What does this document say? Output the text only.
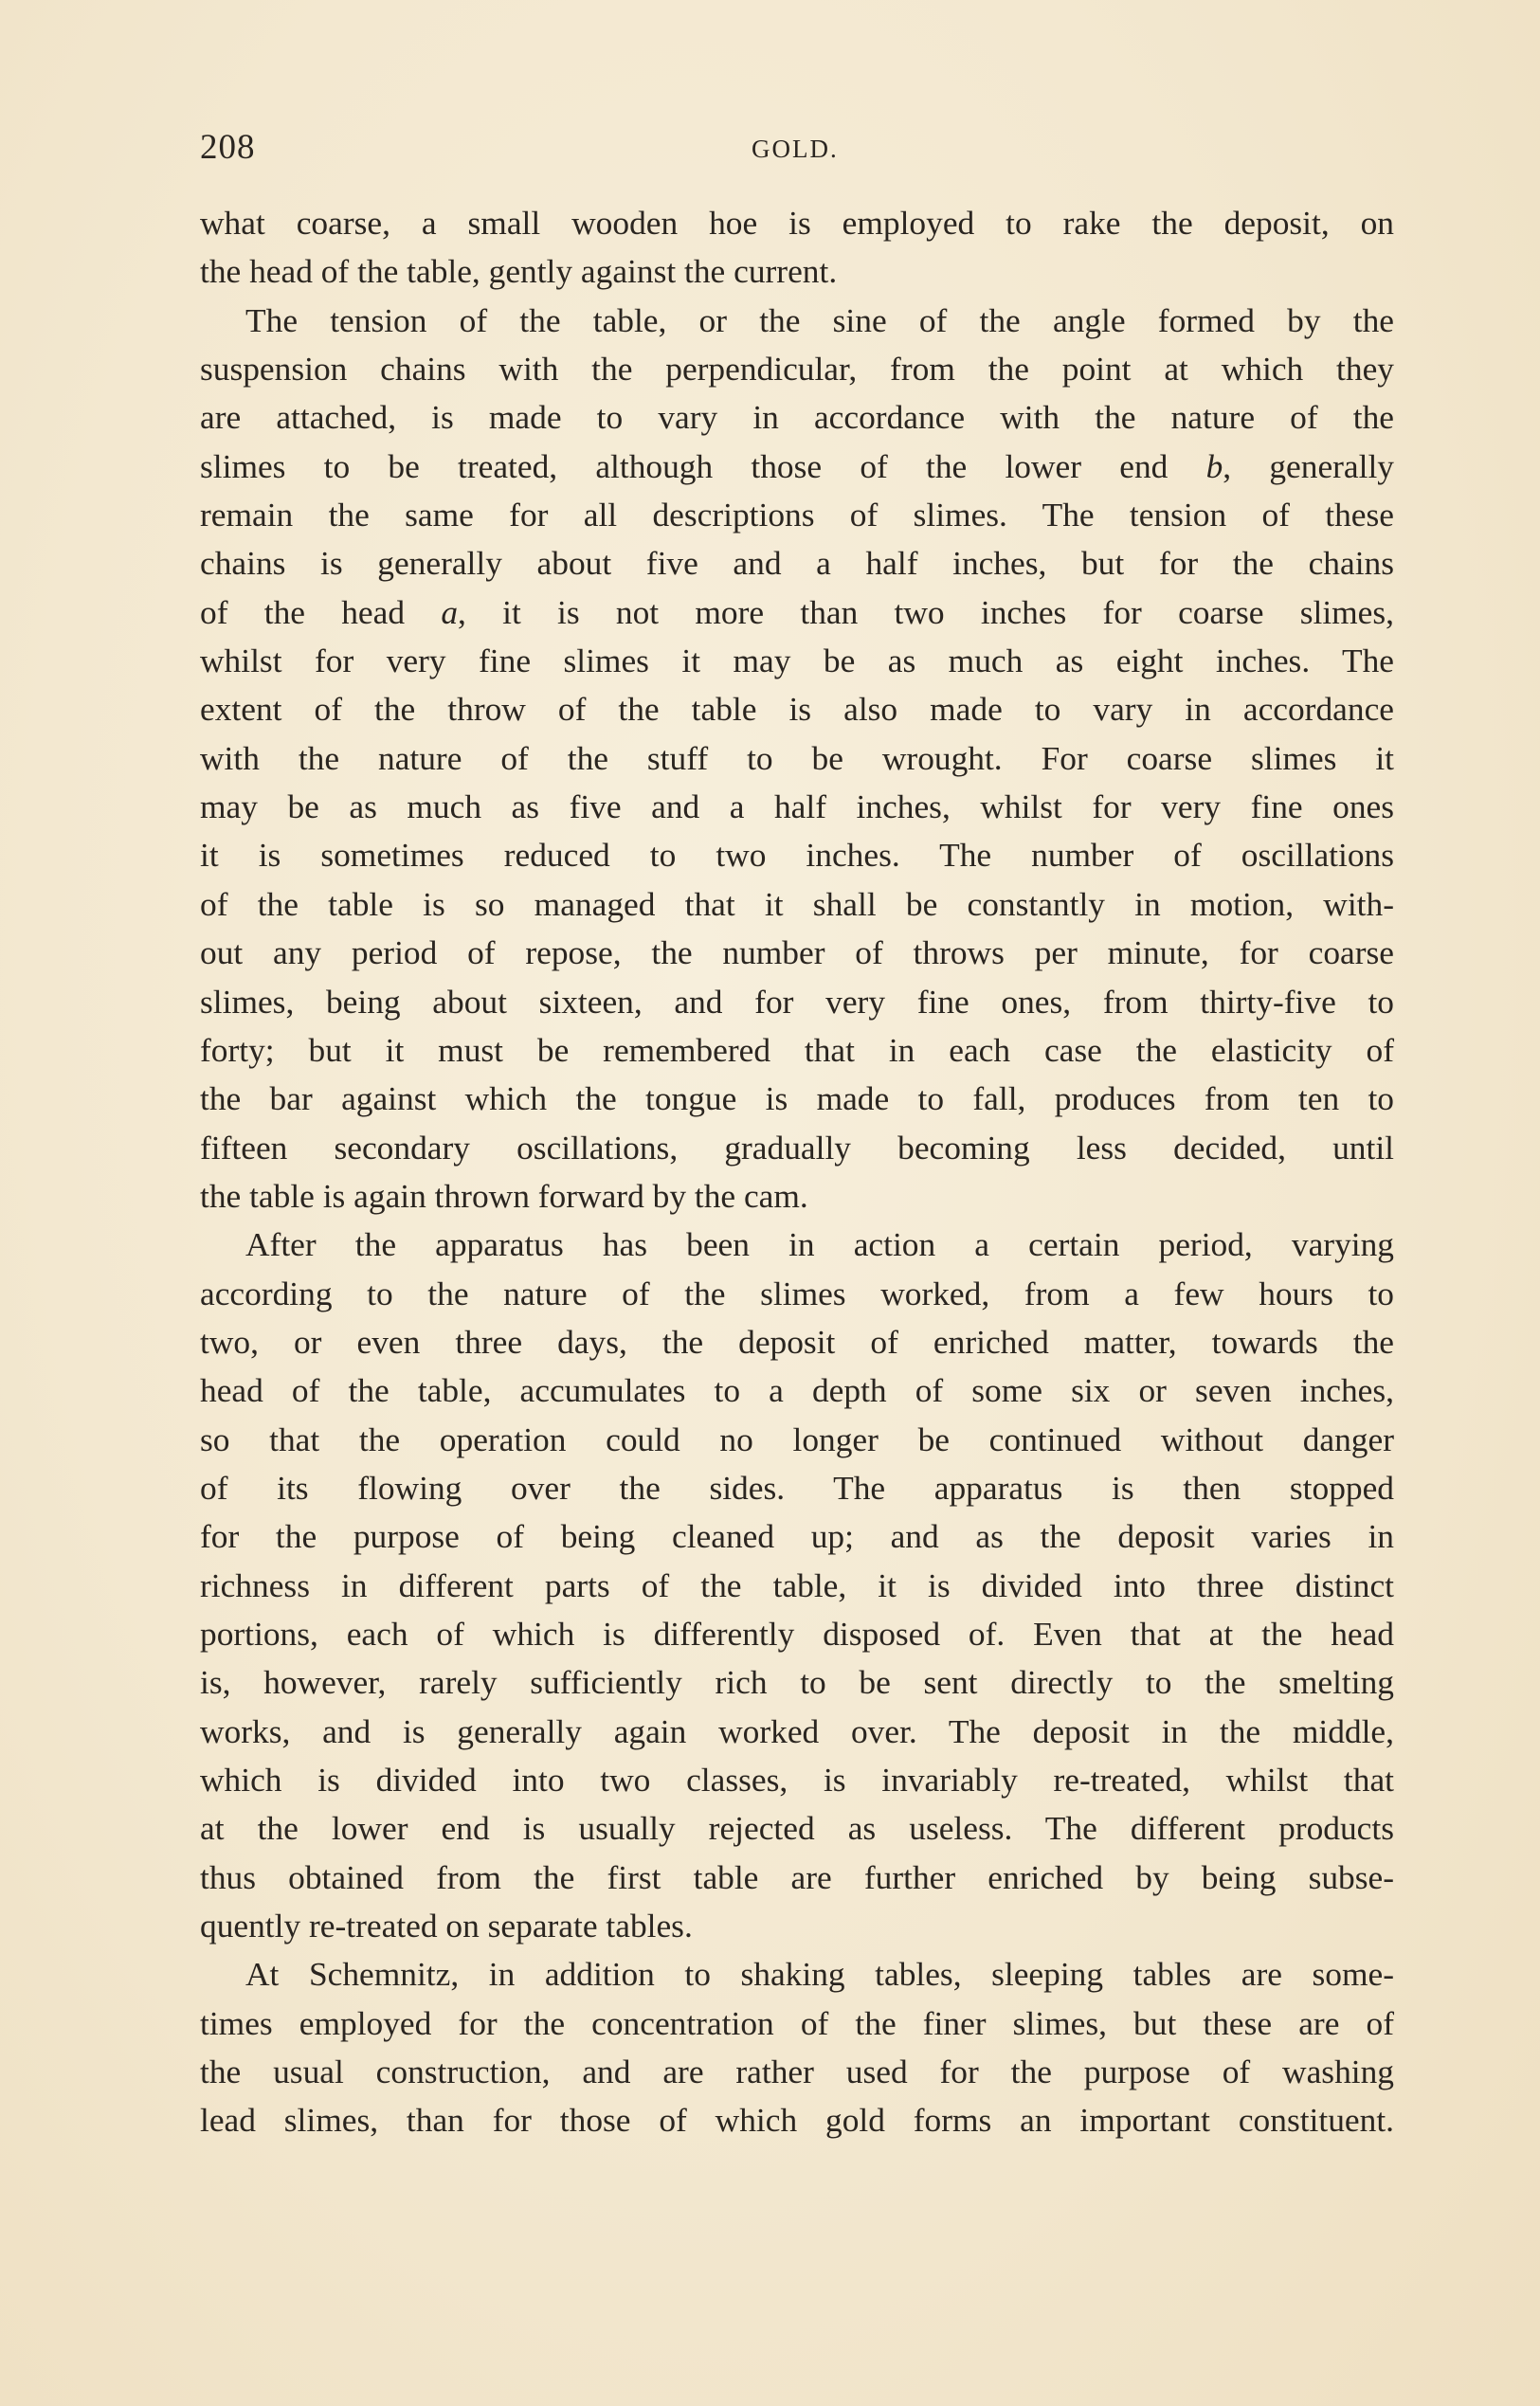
208	GOLD.
what coarse, a small wooden hoe is employed to rake the deposit, on
the head of the table, gently against the current.
The tension of the table, or the sine of the angle formed by the
suspension chains with the perpendicular, from the point at which they
are attached, is made to vary in accordance with the nature of the
slimes to be treated, although those of the lower end b, generally
remain the same for all descriptions of slimes. The tension of these
chains is generally about five and a half inches, but for the chains
of the head a, it is not more than two inches for coarse slimes,
whilst for very fine slimes it may be as much as eight inches. The
extent of the throw of the table is also made to vary in accordance
with the nature of the stuff to be wrought. For coarse slimes it
may be as much as five and a half inches, whilst for very fine ones
it is sometimes reduced to two inches. The number of oscillations
of the table is so managed that it shall be constantly in motion, with-
out any period of repose, the number of throws per minute, for coarse
slimes, being about sixteen, and for very fine ones, from thirty-five to
forty; but it must be remembered that in each case the elasticity of
the bar against which the tongue is made to fall, produces from ten to
fifteen secondary oscillations, gradually becoming less decided, until
the table is again thrown forward by the cam.
After the apparatus has been in action a certain period, varying
according to the nature of the slimes worked, from a few hours to
two, or even three days, the deposit of enriched matter, towards the
head of the table, accumulates to a depth of some six or seven inches,
so that the operation could no longer be continued without danger
of its flowing over the sides. The apparatus is then stopped
for the purpose of being cleaned up; and as the deposit varies in
richness in different parts of the table, it is divided into three distinct
portions, each of which is differently disposed of. Even that at the head
is, however, rarely sufficiently rich to be sent directly to the smelting
works, and is generally again worked over. The deposit in the middle,
which is divided into two classes, is invariably re-treated, whilst that
at the lower end is usually rejected as useless. The different products
thus obtained from the first table are further enriched by being subse-
quently re-treated on separate tables.
At Schemnitz, in addition to shaking tables, sleeping tables are some-
times employed for the concentration of the finer slimes, but these are of
the usual construction, and are rather used for the purpose of washing
lead slimes, than for those of which gold forms an important constituent.
